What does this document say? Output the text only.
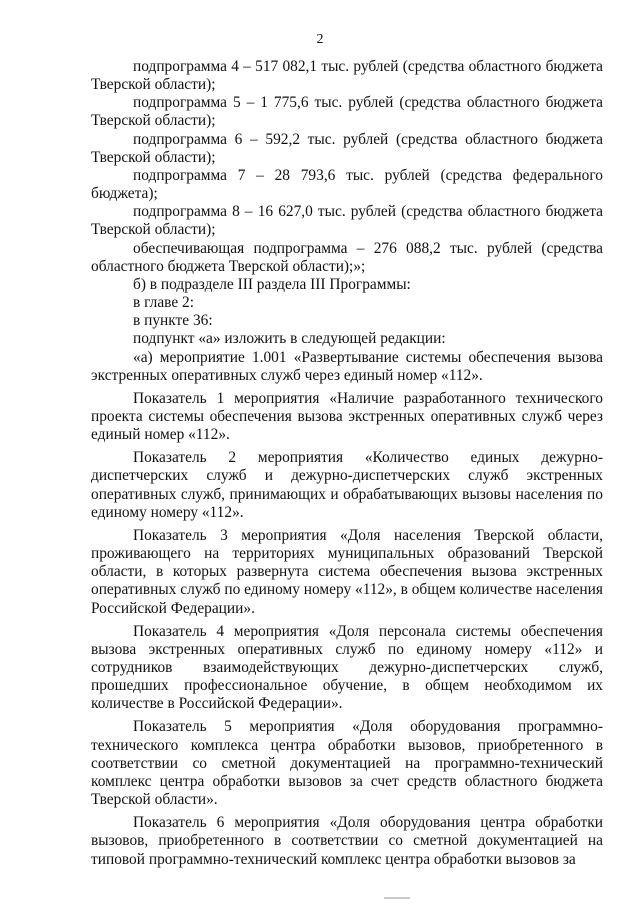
2

подпрограмма 4 – 517 082,1 тыс. рублей (средства областного бюджета Тверской области);

подпрограмма 5 – 1 775,6 тыс. рублей (средства областного бюджета Тверской области);

подпрограмма 6 – 592,2 тыс. рублей (средства областного бюджета Тверской области);

подпрограмма 7 – 28 793,6 тыс. рублей (средства федерального бюджета);

подпрограмма 8 – 16 627,0 тыс. рублей (средства областного бюджета Тверской области);

обеспечивающая подпрограмма – 276 088,2 тыс. рублей (средства областного бюджета Тверской области);»;

б) в подразделе III раздела III Программы:

в главе 2:

в пункте 36:

подпункт «а» изложить в следующей редакции:

«а) мероприятие 1.001 «Развертывание системы обеспечения вызова экстренных оперативных служб через единый номер «112».

Показатель 1 мероприятия «Наличие разработанного технического проекта системы обеспечения вызова экстренных оперативных служб через единый номер «112».

Показатель 2 мероприятия «Количество единых дежурно-диспетчерских служб и дежурно-диспетчерских служб экстренных оперативных служб, принимающих и обрабатывающих вызовы населения по единому номеру «112».

Показатель 3 мероприятия «Доля населения Тверской области, проживающего на территориях муниципальных образований Тверской области, в которых развернута система обеспечения вызова экстренных оперативных служб по единому номеру «112», в общем количестве населения Российской Федерации».

Показатель 4 мероприятия «Доля персонала системы обеспечения вызова экстренных оперативных служб по единому номеру «112» и сотрудников взаимодействующих дежурно-диспетчерских служб, прошедших профессиональное обучение, в общем необходимом их количестве в Российской Федерации».

Показатель 5 мероприятия «Доля оборудования программно-технического комплекса центра обработки вызовов, приобретенного в соответствии со сметной документацией на программно-технический комплекс центра обработки вызовов за счет средств областного бюджета Тверской области».

Показатель 6 мероприятия «Доля оборудования центра обработки вызовов, приобретенного в соответствии со сметной документацией на типовой программно-технический комплекс центра обработки вызовов за
